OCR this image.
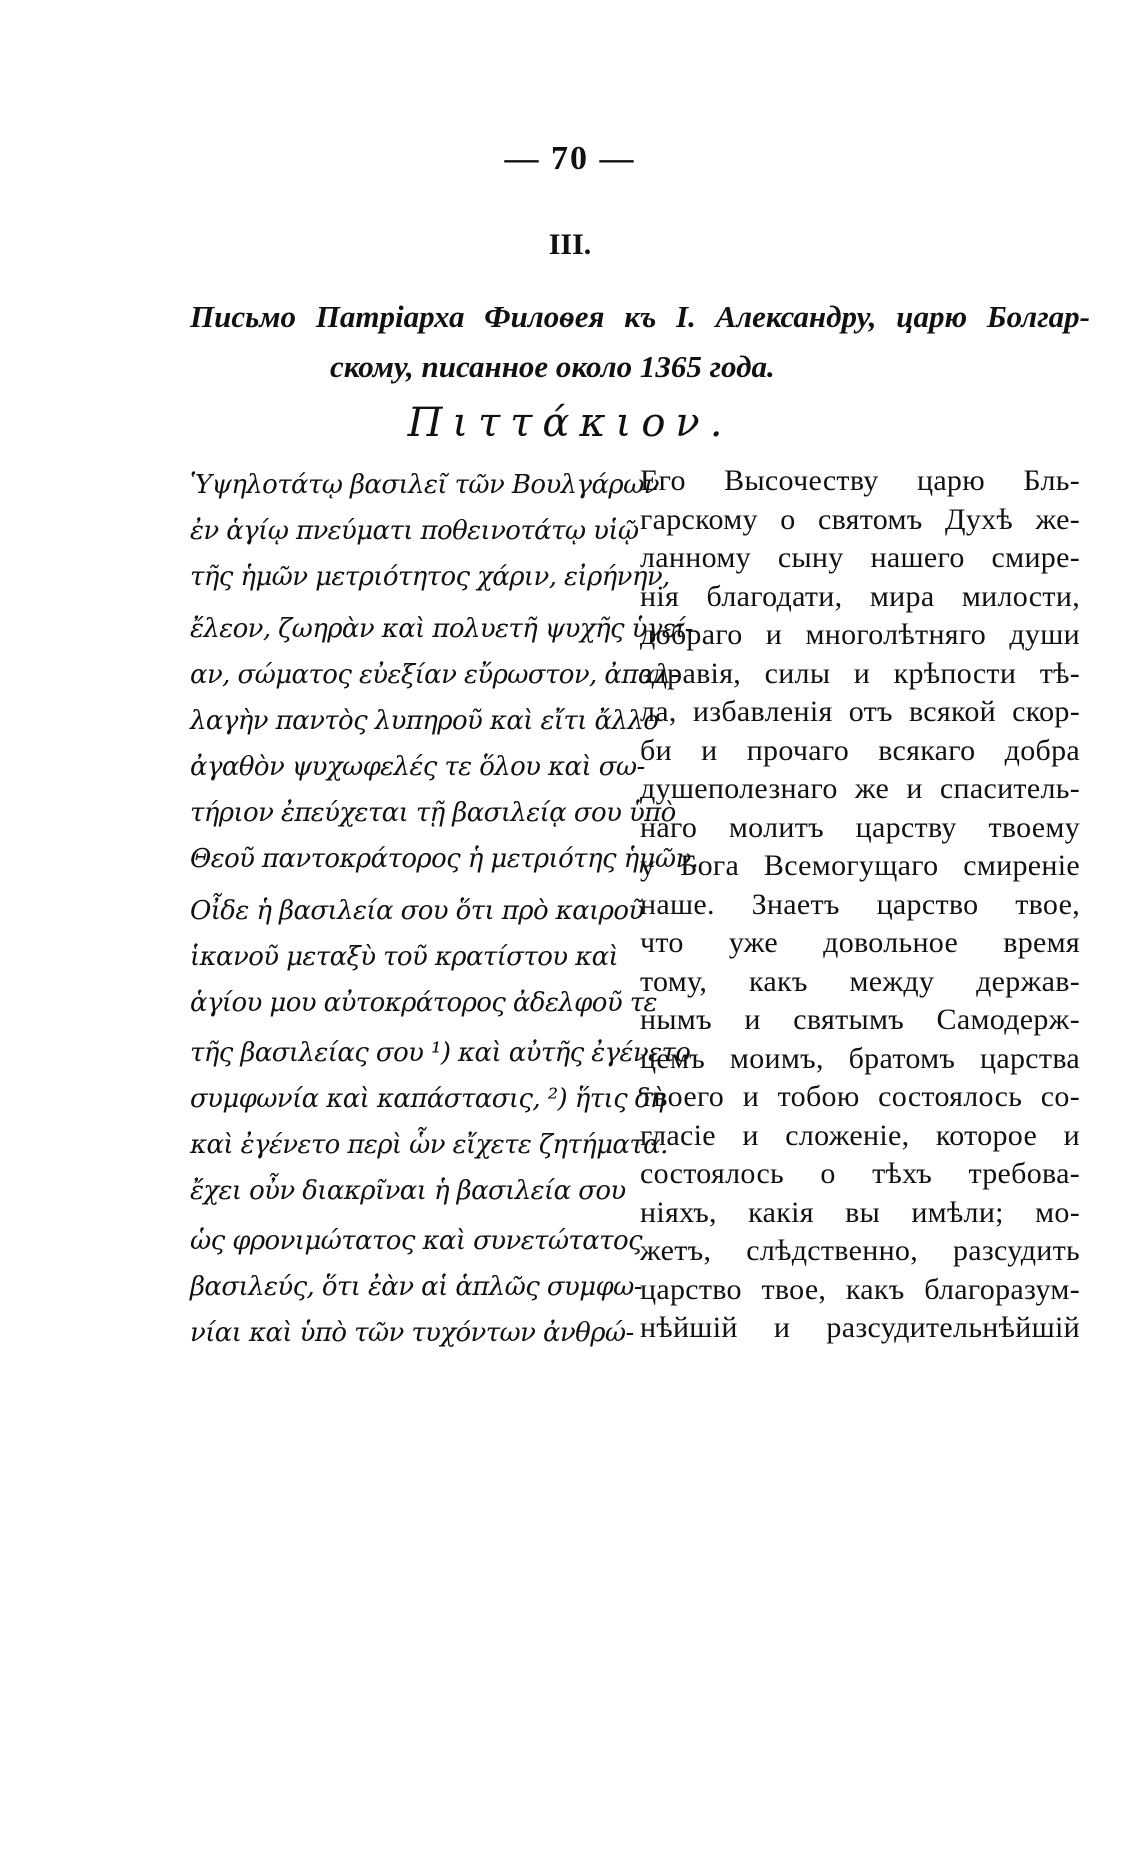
— 70 —
III.
Письмо Патріарха Филоѳея къ I. Александру, царю Болгар-
скому, писанное около 1365 года.
Πιττάκιον.
Ὑψηλοτάτῳ βασιλεῖ τῶν Βουλγάρων
ἐν ἁγίῳ πνεύματι ποθεινοτάτῳ υἱῷ
τῆς ἡμῶν μετριότητος χάριν, εἰρήνην,
ἔλεον, ζωηρὰν καὶ πολυετῆ ψυχῆς ὑγεί-
αν, σώματος εὐεξίαν εὔρωστον, ἀπαλ-
λαγὴν παντὸς λυπηροῦ καὶ εἴτι ἄλλο
ἀγαθὸν ψυχωφελές τε ὅλου καὶ σω-
τήριον ἐπεύχεται τῇ βασιλείᾳ σου ὑπὸ
Θεοῦ παντοκράτορος ἡ μετριότης ἡμῶν.
Οἶδε ἡ βασιλεία σου ὅτι πρὸ καιροῦ
ἱκανοῦ μεταξὺ τοῦ κρατίστου καὶ
ἁγίου μου αὐτοκράτορος ἀδελφοῦ τε
τῆς βασιλείας σου ¹) καὶ αὐτῆς ἐγένετο
συμφωνία καὶ καπάστασις, ²) ἥτις δὴ
καὶ ἐγένετο περὶ ὧν εἴχετε ζητήματα.
ἔχει οὖν διακρῖναι ἡ βασιλεία σου
ὡς φρονιμώτατος καὶ συνετώτατος
βασιλεύς, ὅτι ἐὰν αἱ ἁπλῶς συμφω-
νίαι καὶ ὑπὸ τῶν τυχόντων ἀνθρώ-
Его Высочеству царю Бль-
гарскому о святомъ Духѣ же-
ланному сыну нашего смире-
нія благодати, мира милости,
добраго и многолѣтняго души
здравія, силы и крѣпости тѣ-
ла, избавленія отъ всякой скор-
би и прочаго всякаго добра
душеполезнаго же и спаситель-
наго молитъ царству твоему
у Бога Всемогущаго смиреніе
наше. Знаетъ царство твое,
что уже довольное время
тому, какъ между держав-
нымъ и святымъ Самодерж-
цемъ моимъ, братомъ царства
твоего и тобою состоялось со-
гласіе и сложеніе, которое и
состоялось о тѣхъ требова-
ніяхъ, какія вы имѣли; мо-
жетъ, слѣдственно, разсудить
царство твое, какъ благоразум-
нѣйшій и разсудительнѣйшій
